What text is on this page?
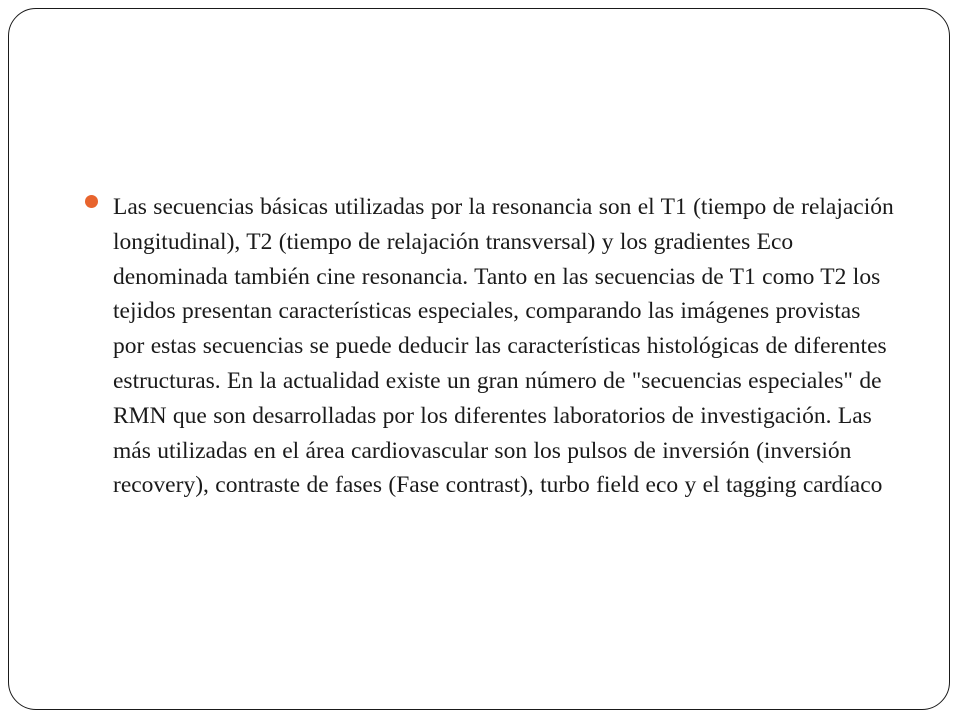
Las secuencias básicas utilizadas por la resonancia son el T1 (tiempo de relajación longitudinal), T2 (tiempo de relajación transversal) y los gradientes Eco denominada también cine resonancia. Tanto en las secuencias de T1 como T2 los tejidos presentan características especiales, comparando las imágenes provistas por estas secuencias se puede deducir las características histológicas de diferentes estructuras. En la actualidad existe un gran número de "secuencias especiales" de RMN que son desarrolladas por los diferentes laboratorios de investigación. Las más utilizadas en el área cardiovascular son los pulsos de inversión (inversión recovery), contraste de fases (Fase contrast), turbo field eco y el tagging cardíaco
